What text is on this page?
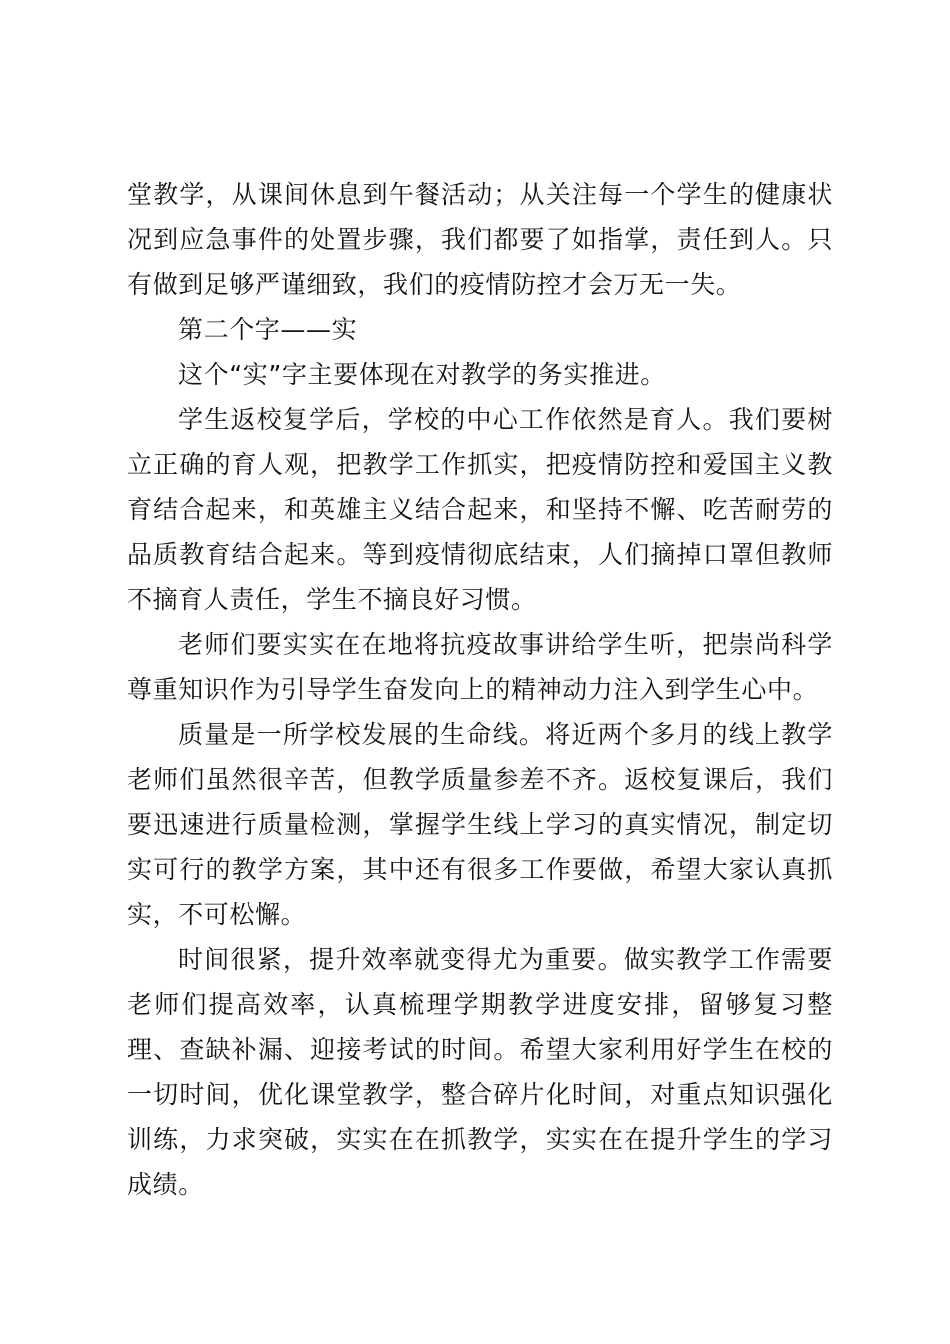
堂教学，从课间休息到午餐活动；从关注每一个学生的健康状况到应急事件的处置步骤，我们都要了如指掌，责任到人。只有做到足够严谨细致，我们的疫情防控才会万无一失。

第二个字——实

这个“实”字主要体现在对教学的务实推进。

学生返校复学后，学校的中心工作依然是育人。我们要树立正确的育人观，把教学工作抓实，把疫情防控和爱国主义教育结合起来，和英雄主义结合起来，和坚持不懈、吃苦耐劳的品质教育结合起来。等到疫情彻底结束，人们摘掉口罩但教师不摘育人责任，学生不摘良好习惯。

老师们要实实在在地将抗疫故事讲给学生听，把崇尚科学尊重知识作为引导学生奋发向上的精神动力注入到学生心中。

质量是一所学校发展的生命线。将近两个多月的线上教学老师们虽然很辛苦，但教学质量参差不齐。返校复课后，我们要迅速进行质量检测，掌握学生线上学习的真实情况，制定切实可行的教学方案，其中还有很多工作要做，希望大家认真抓实，不可松懈。

时间很紧，提升效率就变得尤为重要。做实教学工作需要老师们提高效率，认真梳理学期教学进度安排，留够复习整理、查缺补漏、迎接考试的时间。希望大家利用好学生在校的一切时间，优化课堂教学，整合碎片化时间，对重点知识强化训练，力求突破，实实在在抓教学，实实在在提升学生的学习成绩。
